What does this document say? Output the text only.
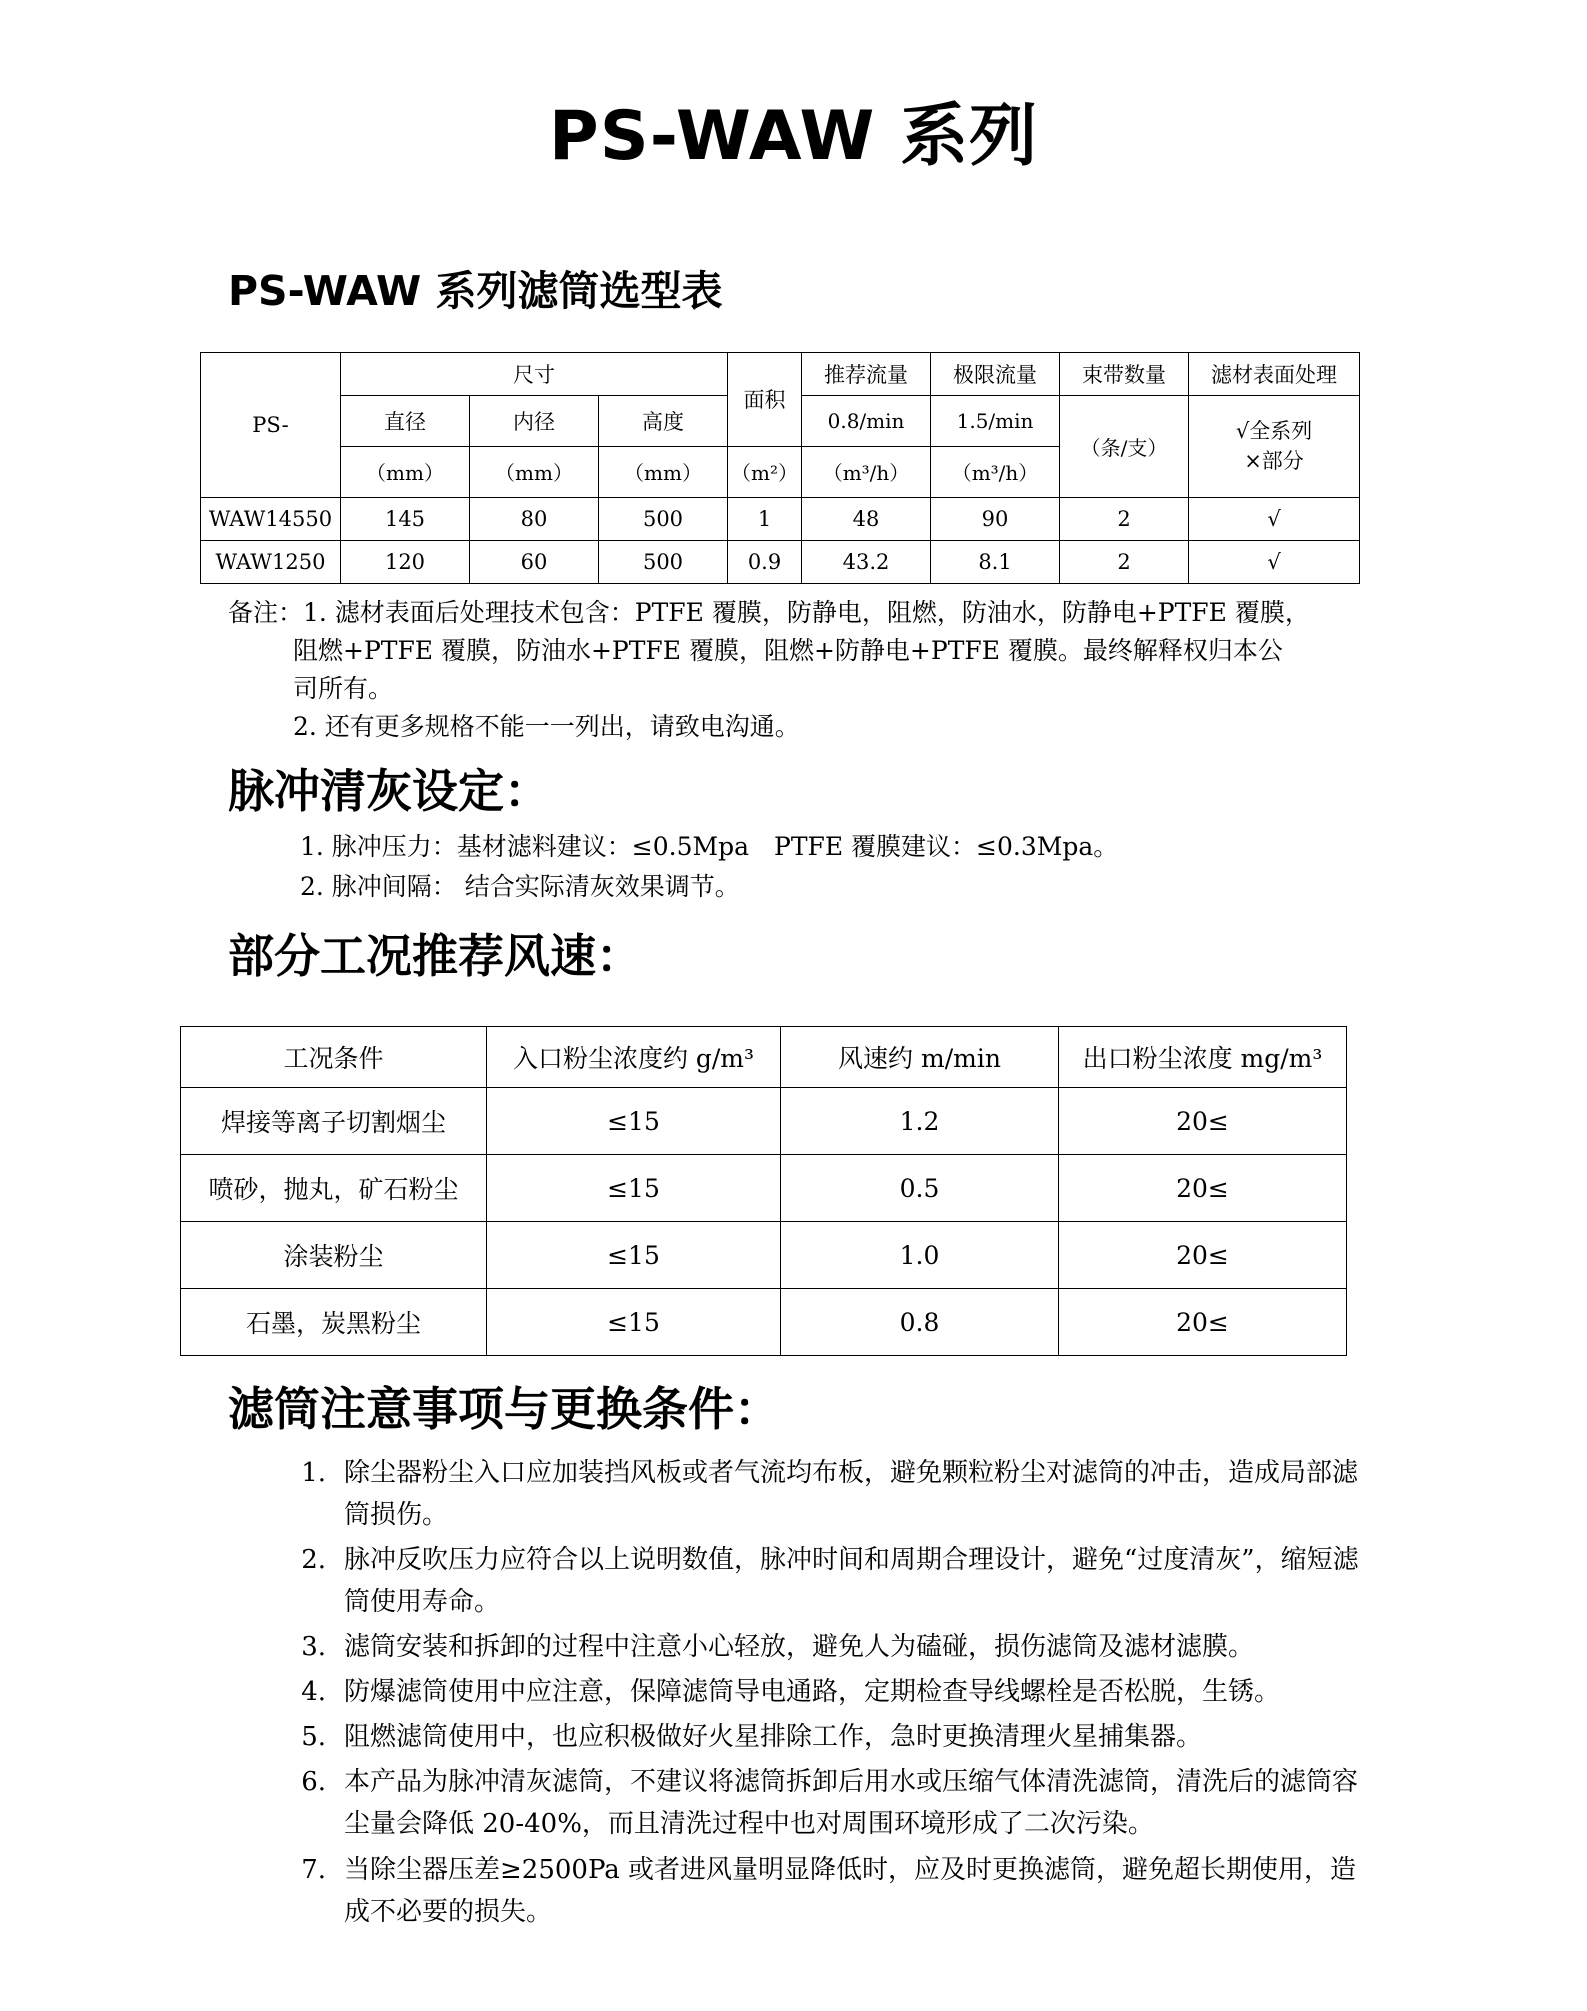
PS-WAW 系列
PS-WAW 系列滤筒选型表
PS-	尺寸			面积	推荐流量	极限流量	束带数量	滤材表面处理
	直径	内径	高度		0.8/min	1.5/min	（条/支）	√全系列
×部分

	（mm）	（mm）	（mm）	（m²）	（m³/h）	（m³/h）		
WAW14550	145	80	500	1	48	90	2	√
WAW1250	120	60	500	0.9	43.2	8.1	2	√
备注：1. 滤材表面后处理技术包含：PTFE 覆膜，防静电，阻燃，防油水，防静电+PTFE 覆膜，
阻燃+PTFE 覆膜，防油水+PTFE 覆膜，阻燃+防静电+PTFE 覆膜。最终解释权归本公
司所有。
2. 还有更多规格不能一一列出，请致电沟通。
脉冲清灰设定：
1. 脉冲压力：基材滤料建议：≤0.5Mpa　PTFE 覆膜建议：≤0.3Mpa。
2. 脉冲间隔： 结合实际清灰效果调节。
部分工况推荐风速：
工况条件	入口粉尘浓度约 g/m³	风速约 m/min	出口粉尘浓度 mg/m³
焊接等离子切割烟尘	≤15	1.2	20≤
喷砂，抛丸，矿石粉尘	≤15	0.5	20≤
涂装粉尘	≤15	1.0	20≤
石墨，炭黑粉尘	≤15	0.8	20≤
滤筒注意事项与更换条件：
除尘器粉尘入口应加装挡风板或者气流均布板，避免颗粒粉尘对滤筒的冲击，造成局部滤筒损伤。
脉冲反吹压力应符合以上说明数值，脉冲时间和周期合理设计，避免“过度清灰”，缩短滤筒使用寿命。
滤筒安装和拆卸的过程中注意小心轻放，避免人为磕碰，损伤滤筒及滤材滤膜。
防爆滤筒使用中应注意，保障滤筒导电通路，定期检查导线螺栓是否松脱，生锈。
阻燃滤筒使用中，也应积极做好火星排除工作，急时更换清理火星捕集器。
本产品为脉冲清灰滤筒，不建议将滤筒拆卸后用水或压缩气体清洗滤筒，清洗后的滤筒容尘量会降低 20-40%，而且清洗过程中也对周围环境形成了二次污染。
当除尘器压差≥2500Pa 或者进风量明显降低时，应及时更换滤筒，避免超长期使用，造成不必要的损失。
